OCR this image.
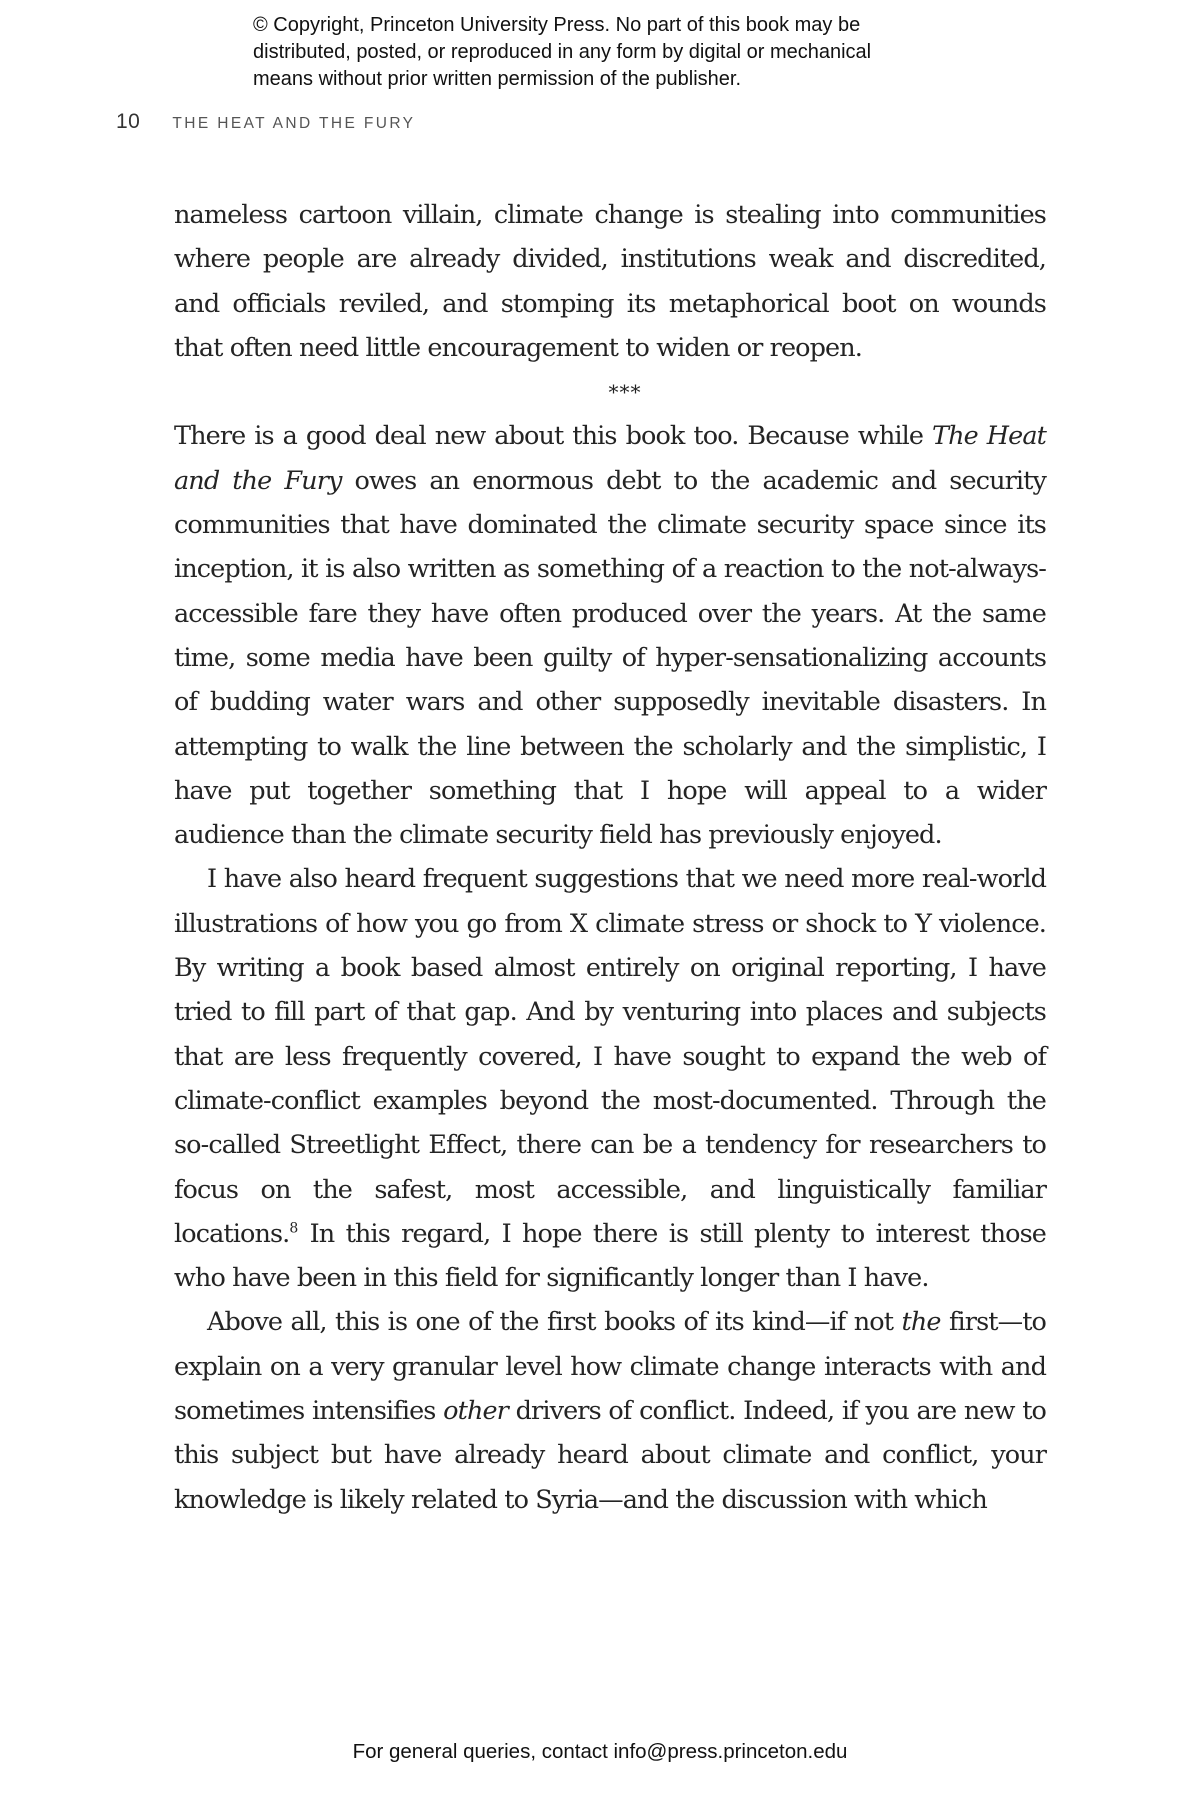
© Copyright, Princeton University Press. No part of this book may be
distributed, posted, or reproduced in any form by digital or mechanical
means without prior written permission of the publisher.
10 THE HEAT AND THE FURY

nameless cartoon villain, climate change is stealing into communities where people are already divided, institutions weak and discredited, and officials reviled, and stomping its metaphorical boot on wounds that often need little encouragement to widen or reopen.

***

There is a good deal new about this book too. Because while The Heat and the Fury owes an enormous debt to the academic and security communities that have dominated the climate security space since its inception, it is also written as something of a reaction to the not-always-accessible fare they have often produced over the years. At the same time, some media have been guilty of hyper-sensationalizing accounts of budding water wars and other supposedly inevitable disasters. In attempting to walk the line between the scholarly and the simplistic, I have put together something that I hope will appeal to a wider audience than the climate security field has previously enjoyed.

I have also heard frequent suggestions that we need more real-world illustrations of how you go from X climate stress or shock to Y violence. By writing a book based almost entirely on original reporting, I have tried to fill part of that gap. And by venturing into places and subjects that are less frequently covered, I have sought to expand the web of climate-conflict examples beyond the most-documented. Through the so-called Streetlight Effect, there can be a tendency for researchers to focus on the safest, most accessible, and linguistically familiar locations.$^8$ In this regard, I hope there is still plenty to interest those who have been in this field for significantly longer than I have.

Above all, this is one of the first books of its kind—if not the first—to explain on a very granular level how climate change interacts with and sometimes intensifies other drivers of conflict. Indeed, if you are new to this subject but have already heard about climate and conflict, your knowledge is likely related to Syria—and the discussion with which

For general queries, contact info@press.princeton.edu
